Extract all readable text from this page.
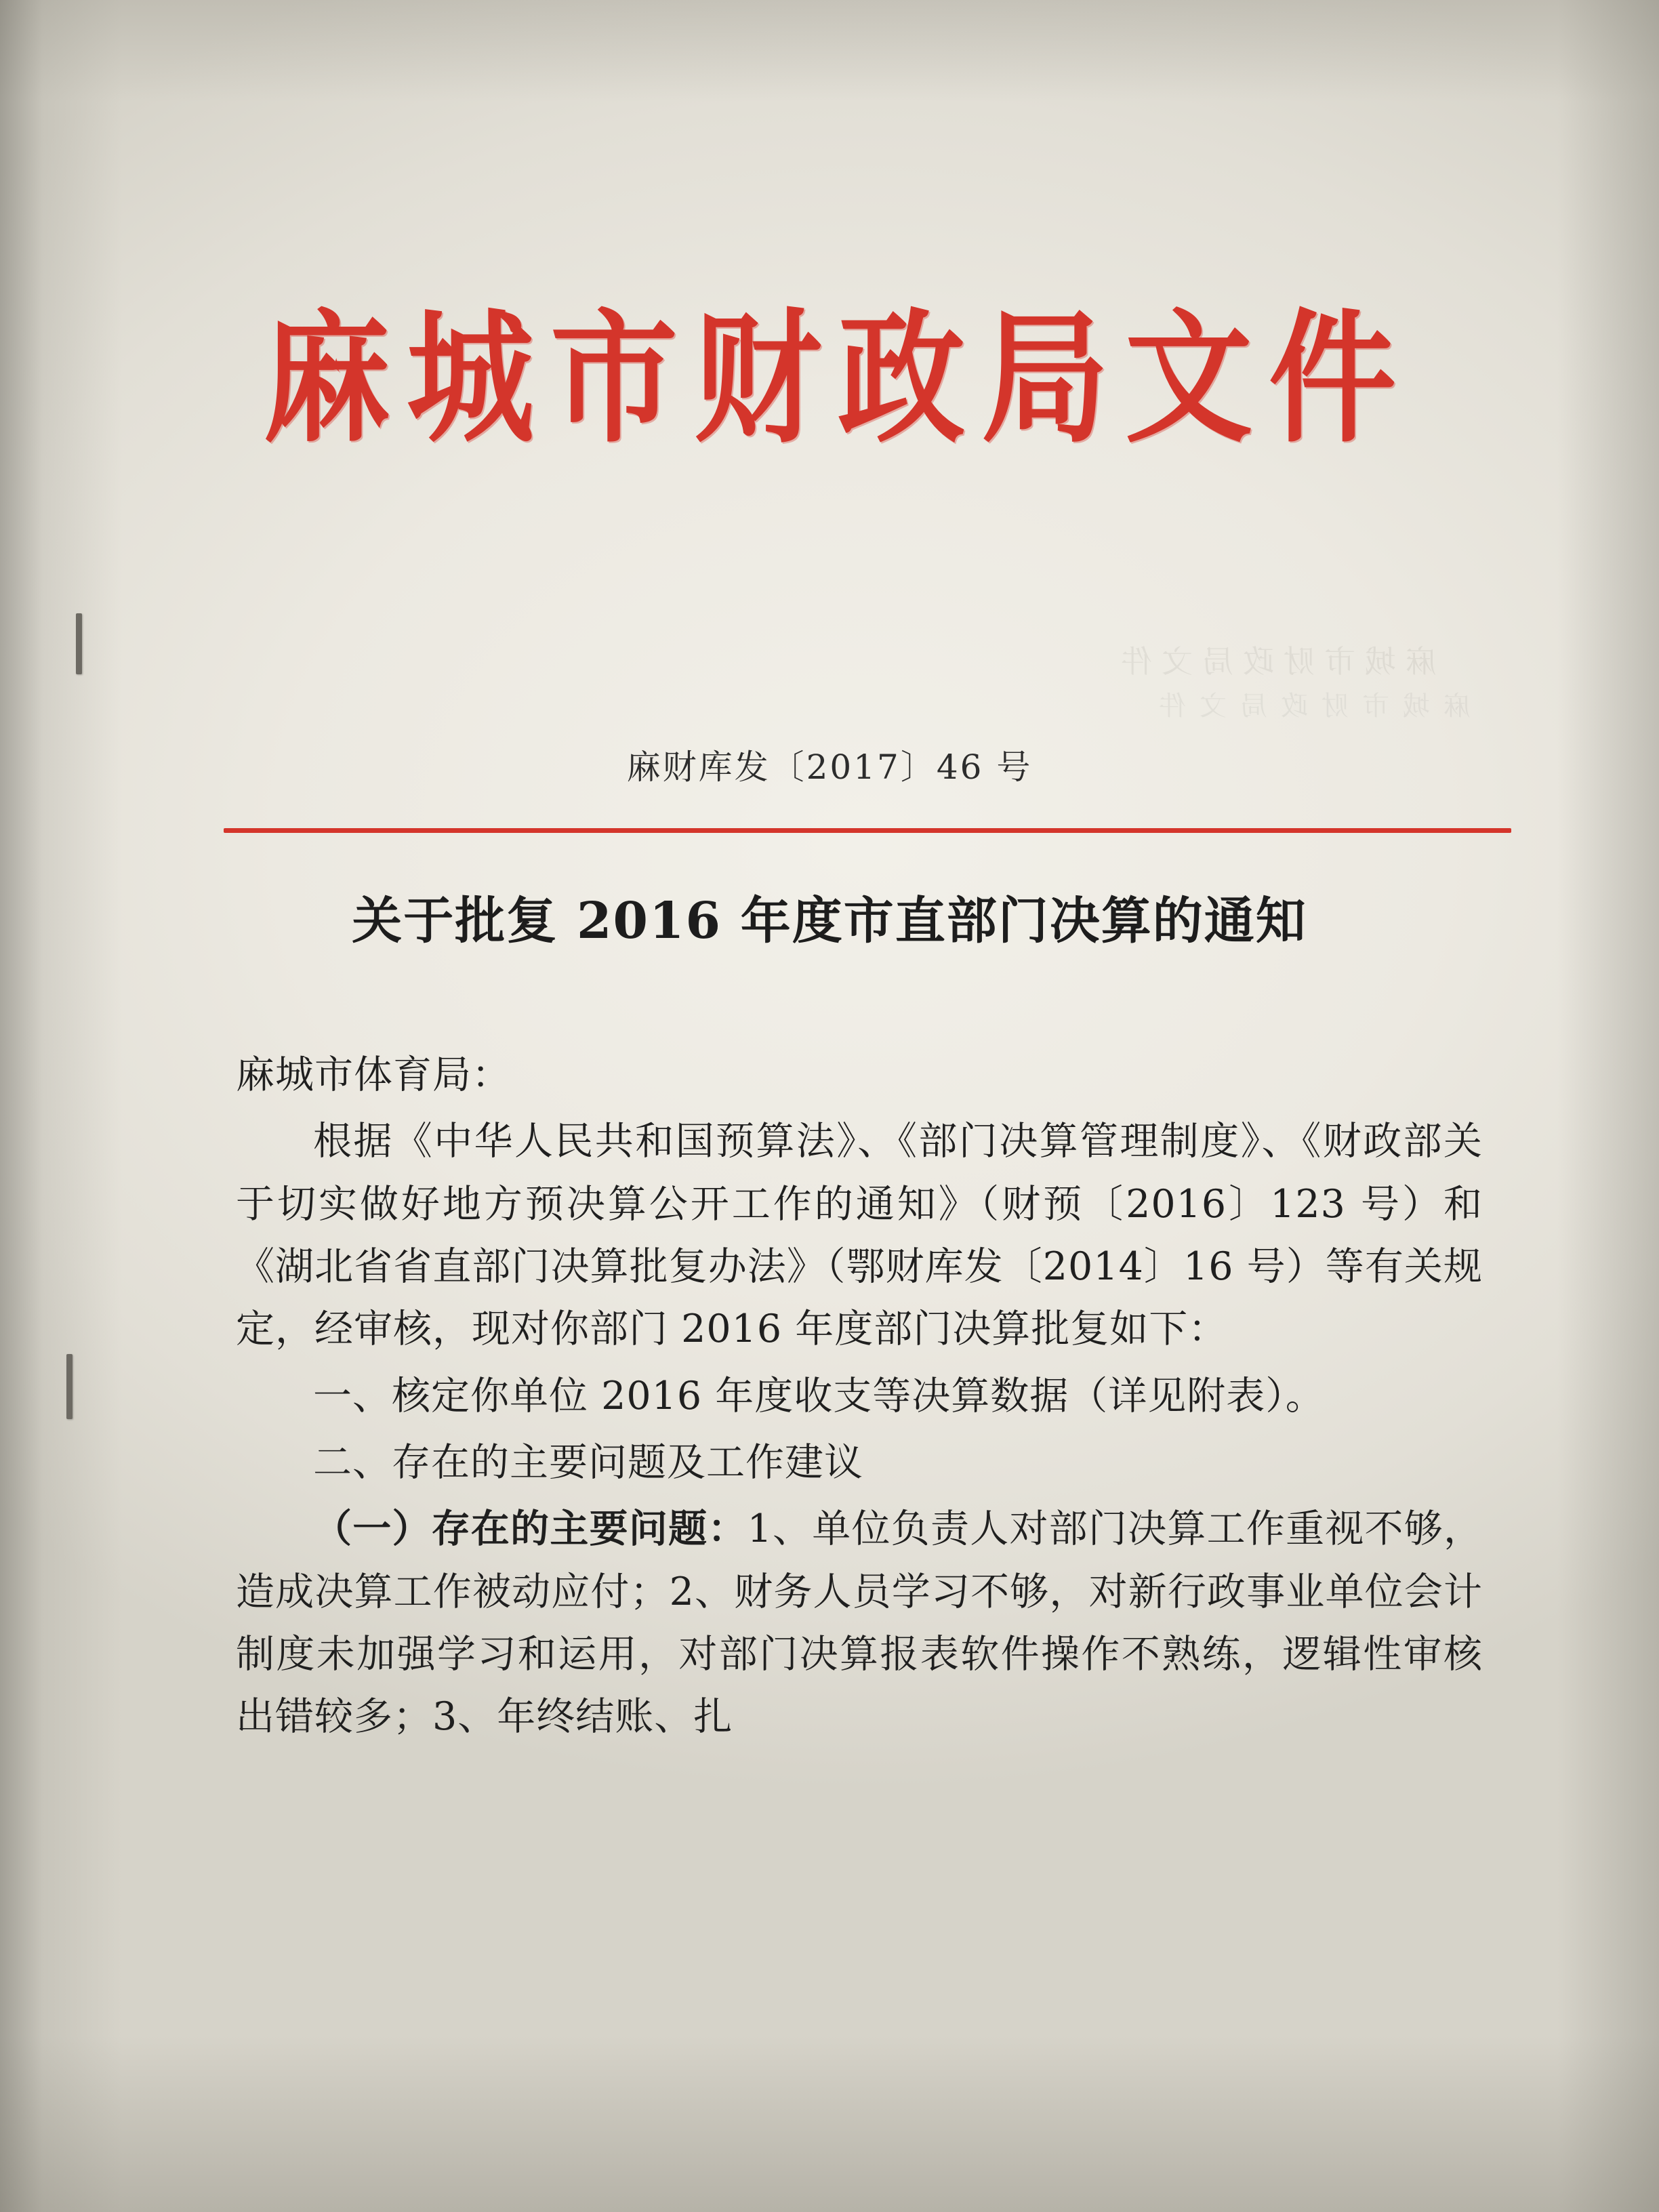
麻城市财政局文件
麻城市财政局文件
麻城市财政局文件
麻财库发〔2017〕46 号
关于批复 2016 年度市直部门决算的通知

麻城市体育局：

根据《中华人民共和国预算法》、《部门决算管理制度》、《财政部关于切实做好地方预决算公开工作的通知》（财预〔2016〕123 号）和《湖北省省直部门决算批复办法》（鄂财库发〔2014〕16 号）等有关规定，经审核，现对你部门 2016 年度部门决算批复如下：

一、核定你单位 2016 年度收支等决算数据（详见附表）。

二、存在的主要问题及工作建议

（一）存在的主要问题：1、单位负责人对部门决算工作重视不够，造成决算工作被动应付；2、财务人员学习不够，对新行政事业单位会计制度未加强学习和运用，对部门决算报表软件操作不熟练，逻辑性审核出错较多；3、年终结账、扎
